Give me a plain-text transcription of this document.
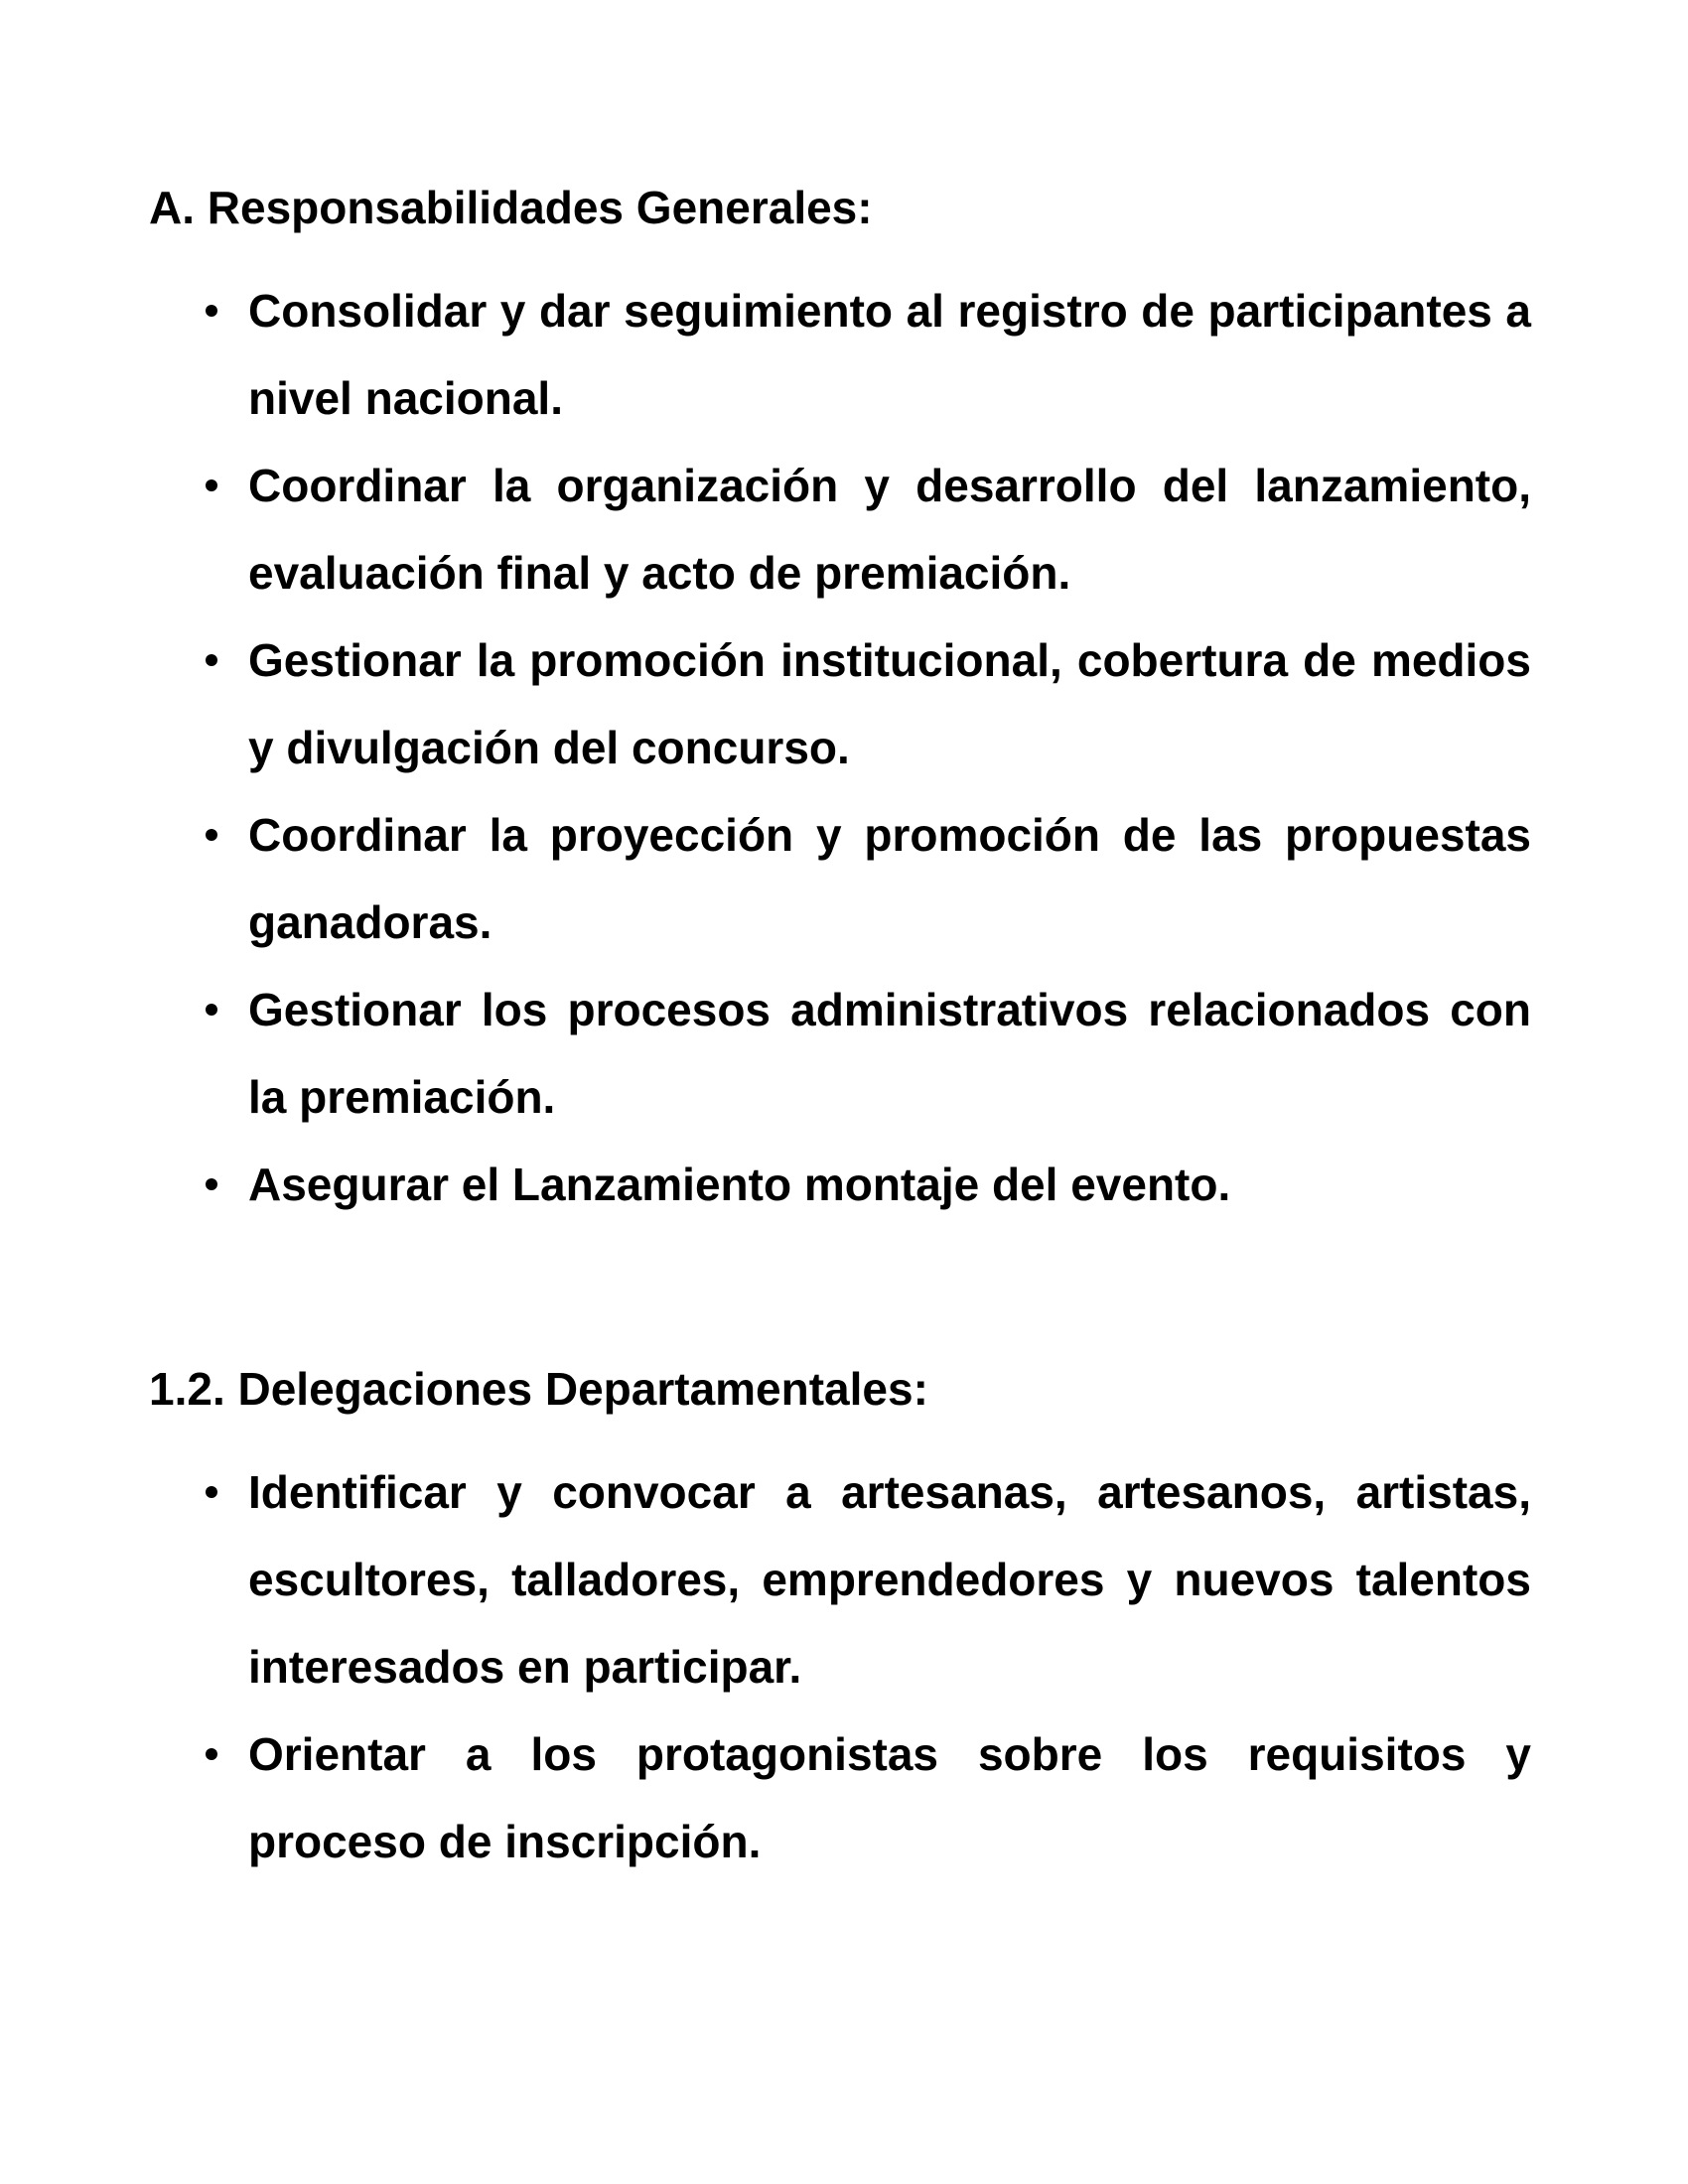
A. Responsabilidades Generales:
Consolidar y dar seguimiento al registro de participantes a nivel nacional.
Coordinar la organización y desarrollo del lanzamiento, evaluación final y acto de premiación.
Gestionar la promoción institucional, cobertura de medios y divulgación del concurso.
Coordinar la proyección y promoción de las propuestas ganadoras.
Gestionar los procesos administrativos relacionados con la premiación.
Asegurar el Lanzamiento montaje del evento.
1.2. Delegaciones Departamentales:
Identificar y convocar a artesanas, artesanos, artistas, escultores, talladores, emprendedores y nuevos talentos interesados en participar.
Orientar a los protagonistas sobre los requisitos y proceso de inscripción.
